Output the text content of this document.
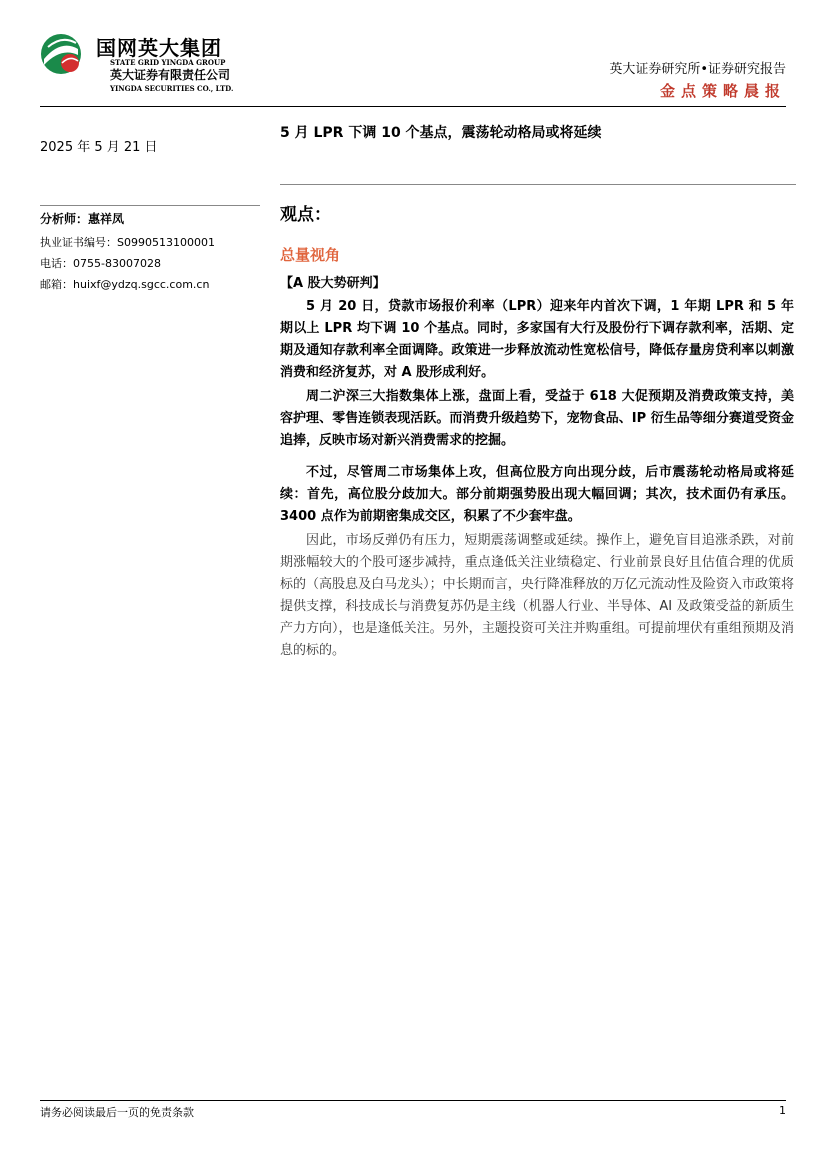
国网英大集团
STATE GRID YINGDA GROUP
英大证券有限责任公司
YINGDA SECURITIES CO., LTD.
英大证券研究所•证券研究报告
金点策略晨报
2025 年 5 月 21 日
分析师：惠祥凤
执业证书编号：S0990513100001
电话：0755-83007028
邮箱：huixf@ydzq.sgcc.com.cn
5 月 LPR 下调 10 个基点，震荡轮动格局或将延续
观点：
总量视角
【A 股大势研判】

5 月 20 日，贷款市场报价利率（LPR）迎来年内首次下调，1 年期 LPR 和 5 年期以上 LPR 均下调 10 个基点。同时，多家国有大行及股份行下调存款利率，活期、定期及通知存款利率全面调降。政策进一步释放流动性宽松信号，降低存量房贷利率以刺激消费和经济复苏，对 A 股形成利好。

周二沪深三大指数集体上涨，盘面上看，受益于 618 大促预期及消费政策支持，美容护理、零售连锁表现活跃。而消费升级趋势下，宠物食品、IP 衍生品等细分赛道受资金追捧，反映市场对新兴消费需求的挖掘。

不过，尽管周二市场集体上攻，但高位股方向出现分歧，后市震荡轮动格局或将延续：首先，高位股分歧加大。部分前期强势股出现大幅回调；其次，技术面仍有承压。3400 点作为前期密集成交区，积累了不少套牢盘。

因此，市场反弹仍有压力，短期震荡调整或延续。操作上，避免盲目追涨杀跌，对前期涨幅较大的个股可逐步减持，重点逢低关注业绩稳定、行业前景良好且估值合理的优质标的（高股息及白马龙头）；中长期而言，央行降准释放的万亿元流动性及险资入市政策将提供支撑，科技成长与消费复苏仍是主线（机器人行业、半导体、AI 及政策受益的新质生产力方向），也是逢低关注。另外，主题投资可关注并购重组。可提前埋伏有重组预期及消息的标的。

请务必阅读最后一页的免责条款	1
